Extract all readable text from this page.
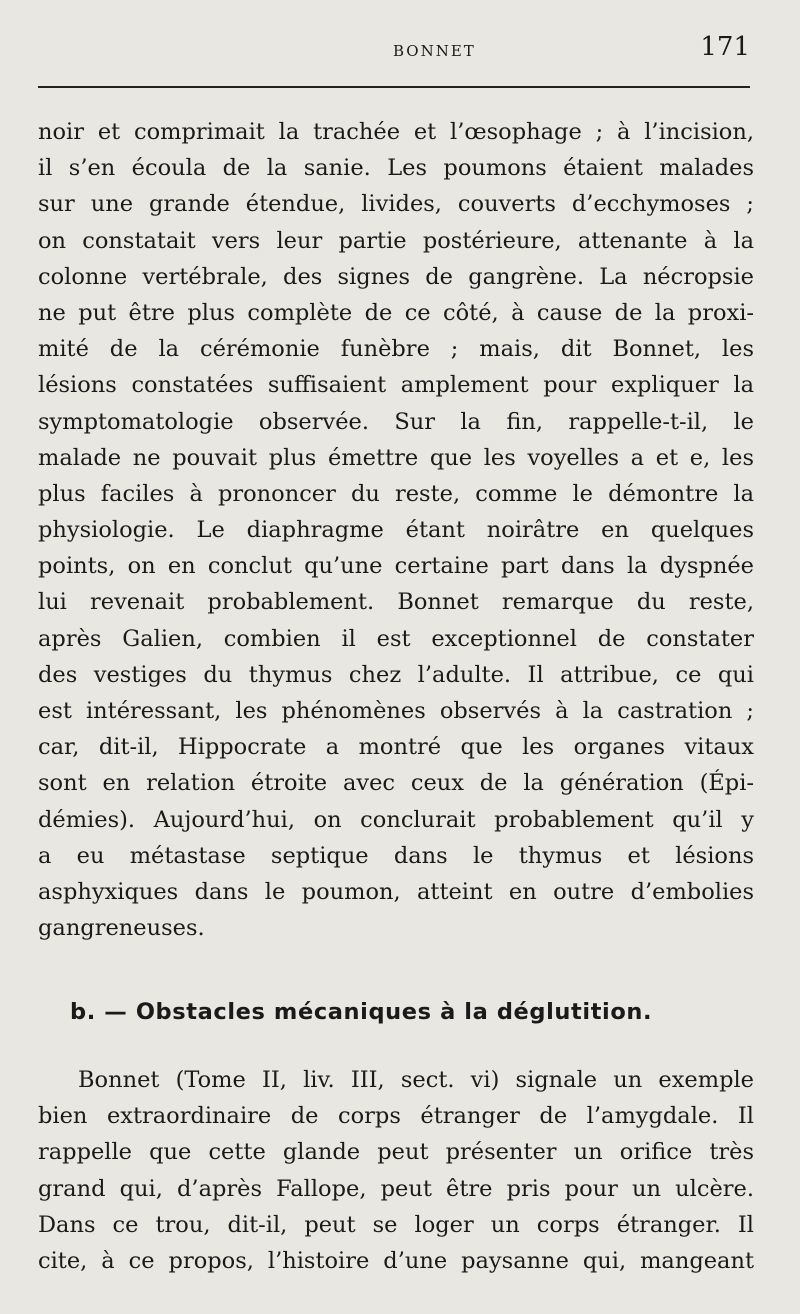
BONNET	171
noir et comprimait la trachée et l’œsophage ; à l’incision,
il s’en écoula de la sanie. Les poumons étaient malades
sur une grande étendue, livides, couverts d’ecchymoses ;
on constatait vers leur partie postérieure, attenante à la
colonne vertébrale, des signes de gangrène. La nécropsie
ne put être plus complète de ce côté, à cause de la proxi-
mité de la cérémonie funèbre ; mais, dit Bonnet, les
lésions constatées suffisaient amplement pour expliquer la
symptomatologie observée. Sur la fin, rappelle-t-il, le
malade ne pouvait plus émettre que les voyelles a et e, les
plus faciles à prononcer du reste, comme le démontre la
physiologie. Le diaphragme étant noirâtre en quelques
points, on en conclut qu’une certaine part dans la dyspnée
lui revenait probablement. Bonnet remarque du reste,
après Galien, combien il est exceptionnel de constater
des vestiges du thymus chez l’adulte. Il attribue, ce qui
est intéressant, les phénomènes observés à la castration ;
car, dit-il, Hippocrate a montré que les organes vitaux
sont en relation étroite avec ceux de la génération (Épi-
démies). Aujourd’hui, on conclurait probablement qu’il y
a eu métastase septique dans le thymus et lésions
asphyxiques dans le poumon, atteint en outre d’embolies
gangreneuses.
b. — Obstacles mécaniques à la déglutition.
Bonnet (Tome II, liv. III, sect. vi) signale un exemple
bien extraordinaire de corps étranger de l’amygdale. Il
rappelle que cette glande peut présenter un orifice très
grand qui, d’après Fallope, peut être pris pour un ulcère.
Dans ce trou, dit-il, peut se loger un corps étranger. Il
cite, à ce propos, l’histoire d’une paysanne qui, mangeant
